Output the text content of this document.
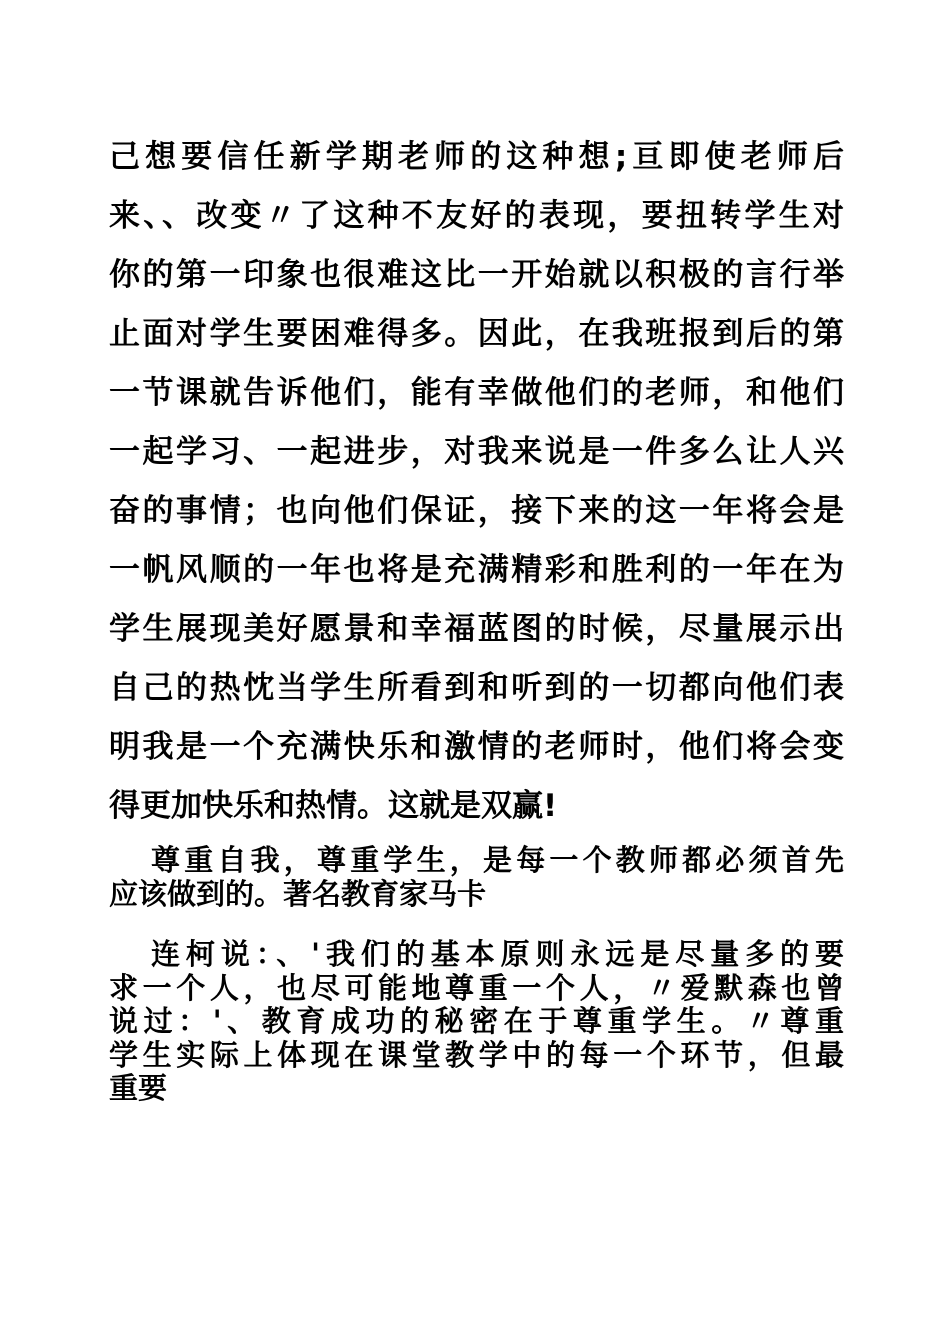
己想要信任新学期老师的这种想;亘即使老师后
来、、改变〃了这种不友好的表现，要扭转学生对
你的第一印象也很难这比一开始就以积极的言行举
止面对学生要困难得多。因此，在我班报到后的第
一节课就告诉他们，能有幸做他们的老师，和他们
一起学习、一起进步，对我来说是一件多么让人兴
奋的事情；也向他们保证，接下来的这一年将会是
一帆风顺的一年也将是充满精彩和胜利的一年在为
学生展现美好愿景和幸福蓝图的时候，尽量展示出
自己的热忱当学生所看到和听到的一切都向他们表
明我是一个充满快乐和激情的老师时，他们将会变
得更加快乐和热情。这就是双赢!
尊重自我，尊重学生，是每一个教师都必须首先
应该做到的。著名教育家马卡
连柯说：、'我们的基本原则永远是尽量多的要
求一个人，也尽可能地尊重一个人，〃爱默森也曾
说过：'、教育成功的秘密在于尊重学生。〃尊重
学生实际上体现在课堂教学中的每一个环节，但最
重要
